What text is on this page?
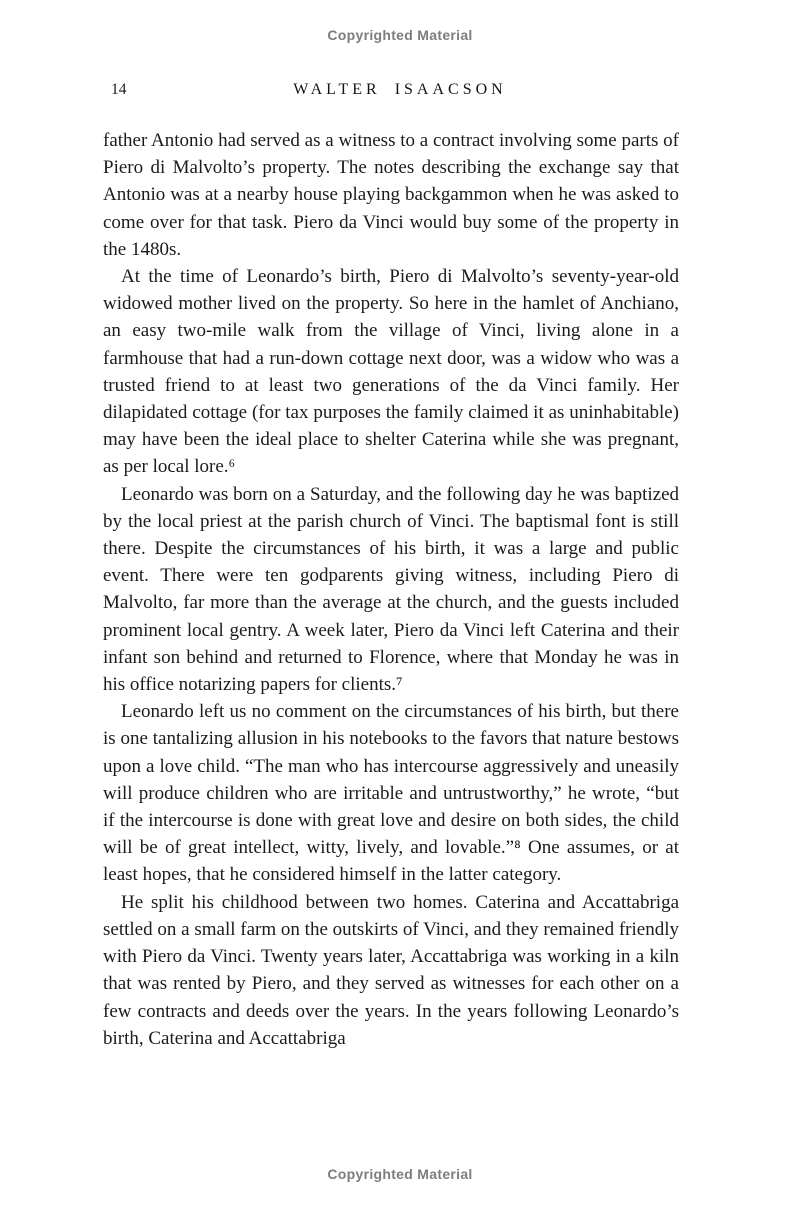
Copyrighted Material
14	WALTER ISAACSON

father Antonio had served as a witness to a contract involving some parts of Piero di Malvolto’s property. The notes describing the exchange say that Antonio was at a nearby house playing backgammon when he was asked to come over for that task. Piero da Vinci would buy some of the property in the 1480s.

At the time of Leonardo’s birth, Piero di Malvolto’s seventy-year-old widowed mother lived on the property. So here in the hamlet of Anchiano, an easy two-mile walk from the village of Vinci, living alone in a farmhouse that had a run-down cottage next door, was a widow who was a trusted friend to at least two generations of the da Vinci family. Her dilapidated cottage (for tax purposes the family claimed it as uninhabitable) may have been the ideal place to shelter Caterina while she was pregnant, as per local lore.⁶

Leonardo was born on a Saturday, and the following day he was baptized by the local priest at the parish church of Vinci. The baptismal font is still there. Despite the circumstances of his birth, it was a large and public event. There were ten godparents giving witness, including Piero di Malvolto, far more than the average at the church, and the guests included prominent local gentry. A week later, Piero da Vinci left Caterina and their infant son behind and returned to Florence, where that Monday he was in his office notarizing papers for clients.⁷

Leonardo left us no comment on the circumstances of his birth, but there is one tantalizing allusion in his notebooks to the favors that nature bestows upon a love child. “The man who has intercourse aggressively and uneasily will produce children who are irritable and untrustworthy,” he wrote, “but if the intercourse is done with great love and desire on both sides, the child will be of great intellect, witty, lively, and lovable.”⁸ One assumes, or at least hopes, that he considered himself in the latter category.

He split his childhood between two homes. Caterina and Accattabriga settled on a small farm on the outskirts of Vinci, and they remained friendly with Piero da Vinci. Twenty years later, Accattabriga was working in a kiln that was rented by Piero, and they served as witnesses for each other on a few contracts and deeds over the years. In the years following Leonardo’s birth, Caterina and Accattabriga

Copyrighted Material
